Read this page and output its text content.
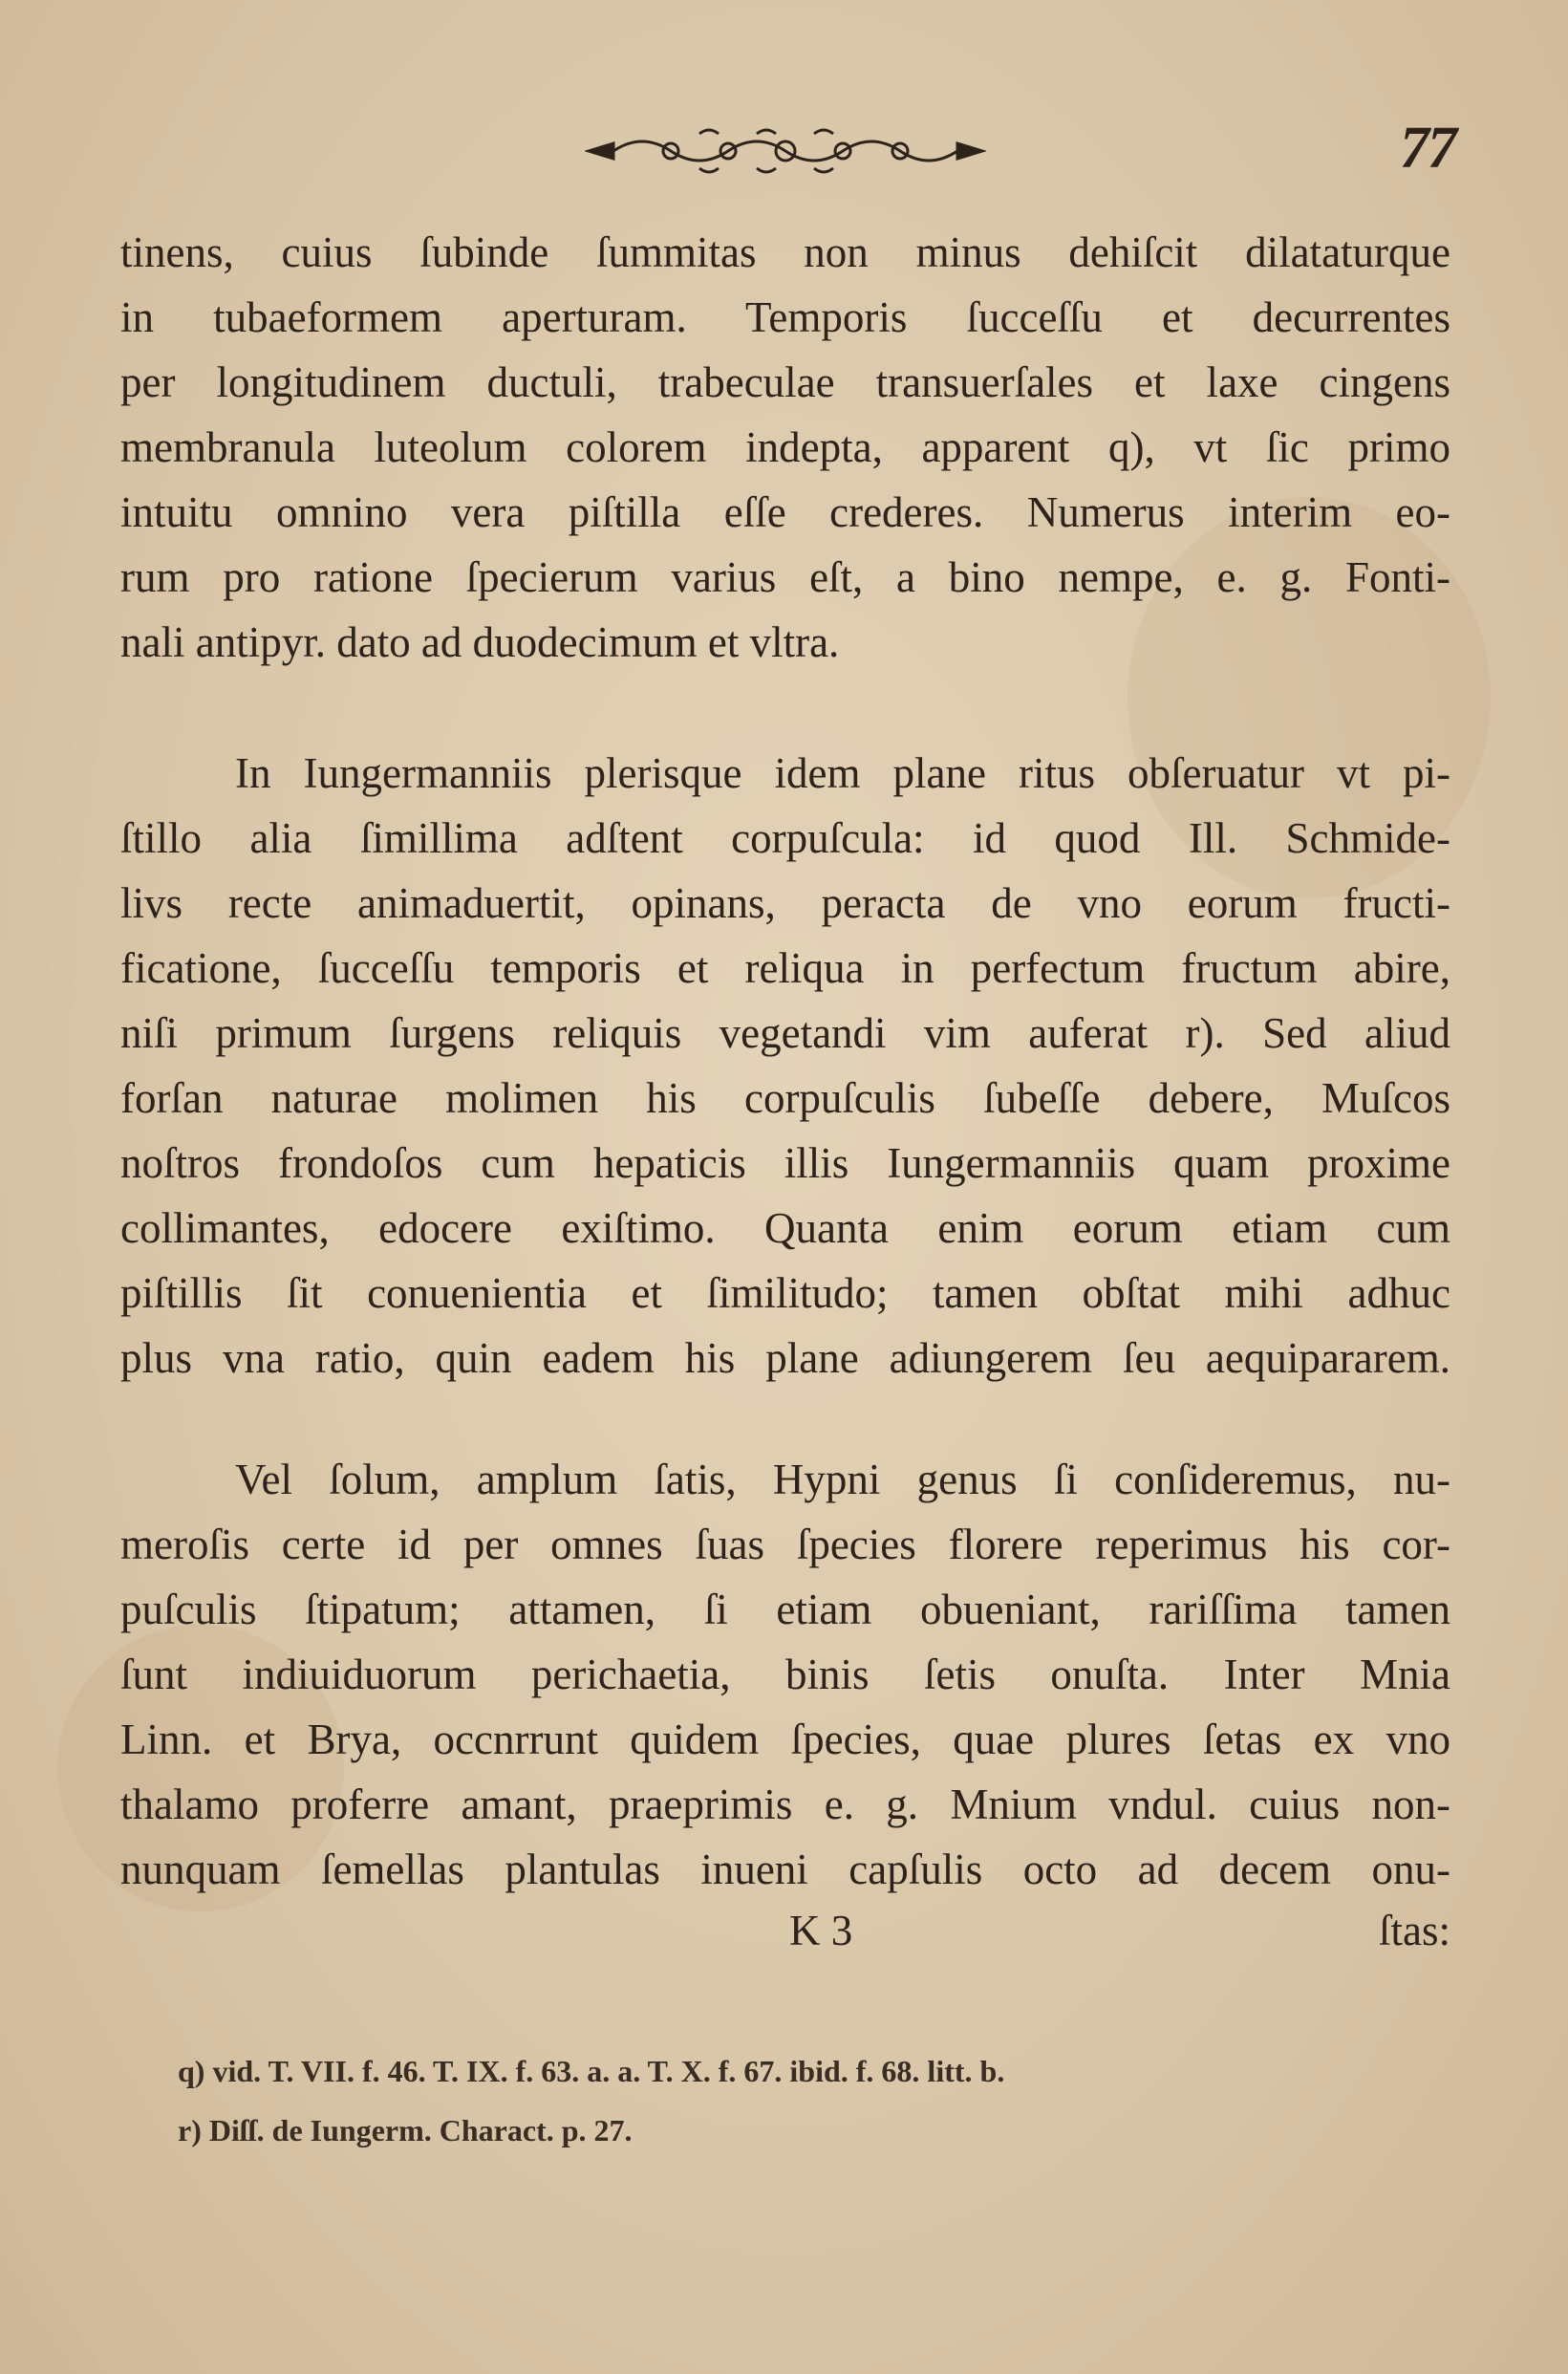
77
tinens, cuius ſubinde ſummitas non minus dehiſcit dilataturque
in tubaeformem aperturam. Temporis ſucceſſu et decurrentes
per longitudinem ductuli, trabeculae transuerſales et laxe cingens
membranula luteolum colorem indepta, apparent q), vt ſic primo
intuitu omnino vera piſtilla eſſe crederes. Numerus interim eo-
rum pro ratione ſpecierum varius eſt, a bino nempe, e. g. Fonti-
nali antipyr. dato ad duodecimum et vltra.
In Iungermanniis plerisque idem plane ritus obſeruatur vt pi-
ſtillo alia ſimillima adſtent corpuſcula: id quod Ill. Schmide-
livs recte animaduertit, opinans, peracta de vno eorum fructi-
ficatione, ſucceſſu temporis et reliqua in perfectum fructum abire,
niſi primum ſurgens reliquis vegetandi vim auferat r). Sed aliud
forſan naturae molimen his corpuſculis ſubeſſe debere, Muſcos
noſtros frondoſos cum hepaticis illis Iungermanniis quam proxime
collimantes, edocere exiſtimo. Quanta enim eorum etiam cum
piſtillis ſit conuenientia et ſimilitudo; tamen obſtat mihi adhuc
plus vna ratio, quin eadem his plane adiungerem ſeu aequipararem.
Vel ſolum, amplum ſatis, Hypni genus ſi conſideremus, nu-
meroſis certe id per omnes ſuas ſpecies florere reperimus his cor-
puſculis ſtipatum; attamen, ſi etiam obueniant, rariſſima tamen
ſunt indiuiduorum perichaetia, binis ſetis onuſta. Inter Mnia
Linn. et Brya, occnrrunt quidem ſpecies, quae plures ſetas ex vno
thalamo proferre amant, praeprimis e. g. Mnium vndul. cuius non-
nunquam ſemellas plantulas inueni capſulis octo ad decem onu-
K 3	ſtas:
q) vid. T. VII. f. 46. T. IX. f. 63. a. a. T. X. f. 67. ibid. f. 68. litt. b.
r) Diſſ. de Iungerm. Charact. p. 27.
